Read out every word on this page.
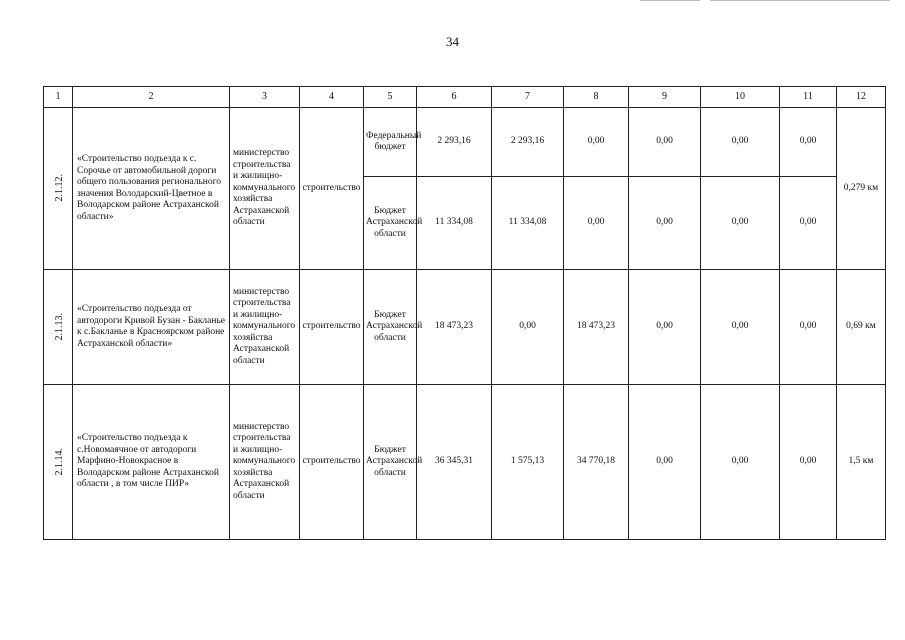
34
1	2	3	4	5	6	7	8	9	10	11	12
2.1.12.	«Строительство подъезда к с. Сорочье от автомобильной дороги общего пользования регионального значения Володарский-Цветное в Володарском районе Астраханской области»	министерство строительства и жилищно-коммунального хозяйства Астраханской области	строительство	Федеральный бюджет	2 293,16	2 293,16	0,00	0,00	0,00	0,00	0,279 км
				Бюджет Астраханской области	11 334,08	11 334,08	0,00	0,00	0,00	0,00	
2.1.13.	«Строительство подъезда от автодороги Кривой Бузан - Бакланье к с.Бакланье в Красноярском районе Астраханской области»	министерство строительства и жилищно-коммунального хозяйства Астраханской области	строительство	Бюджет Астраханской области	18 473,23	0,00	18 473,23	0,00	0,00	0,00	0,69 км
2.1.14.	«Строительство подъезда к с.Новомаячное от автодороги Марфино-Новокрасное в Володарском районе Астраханской области , в том числе ПИР»	министерство строительства и жилищно-коммунального хозяйства Астраханской области	строительство	Бюджет Астраханской области	36 345,31	1 575,13	34 770,18	0,00	0,00	0,00	1,5 км
